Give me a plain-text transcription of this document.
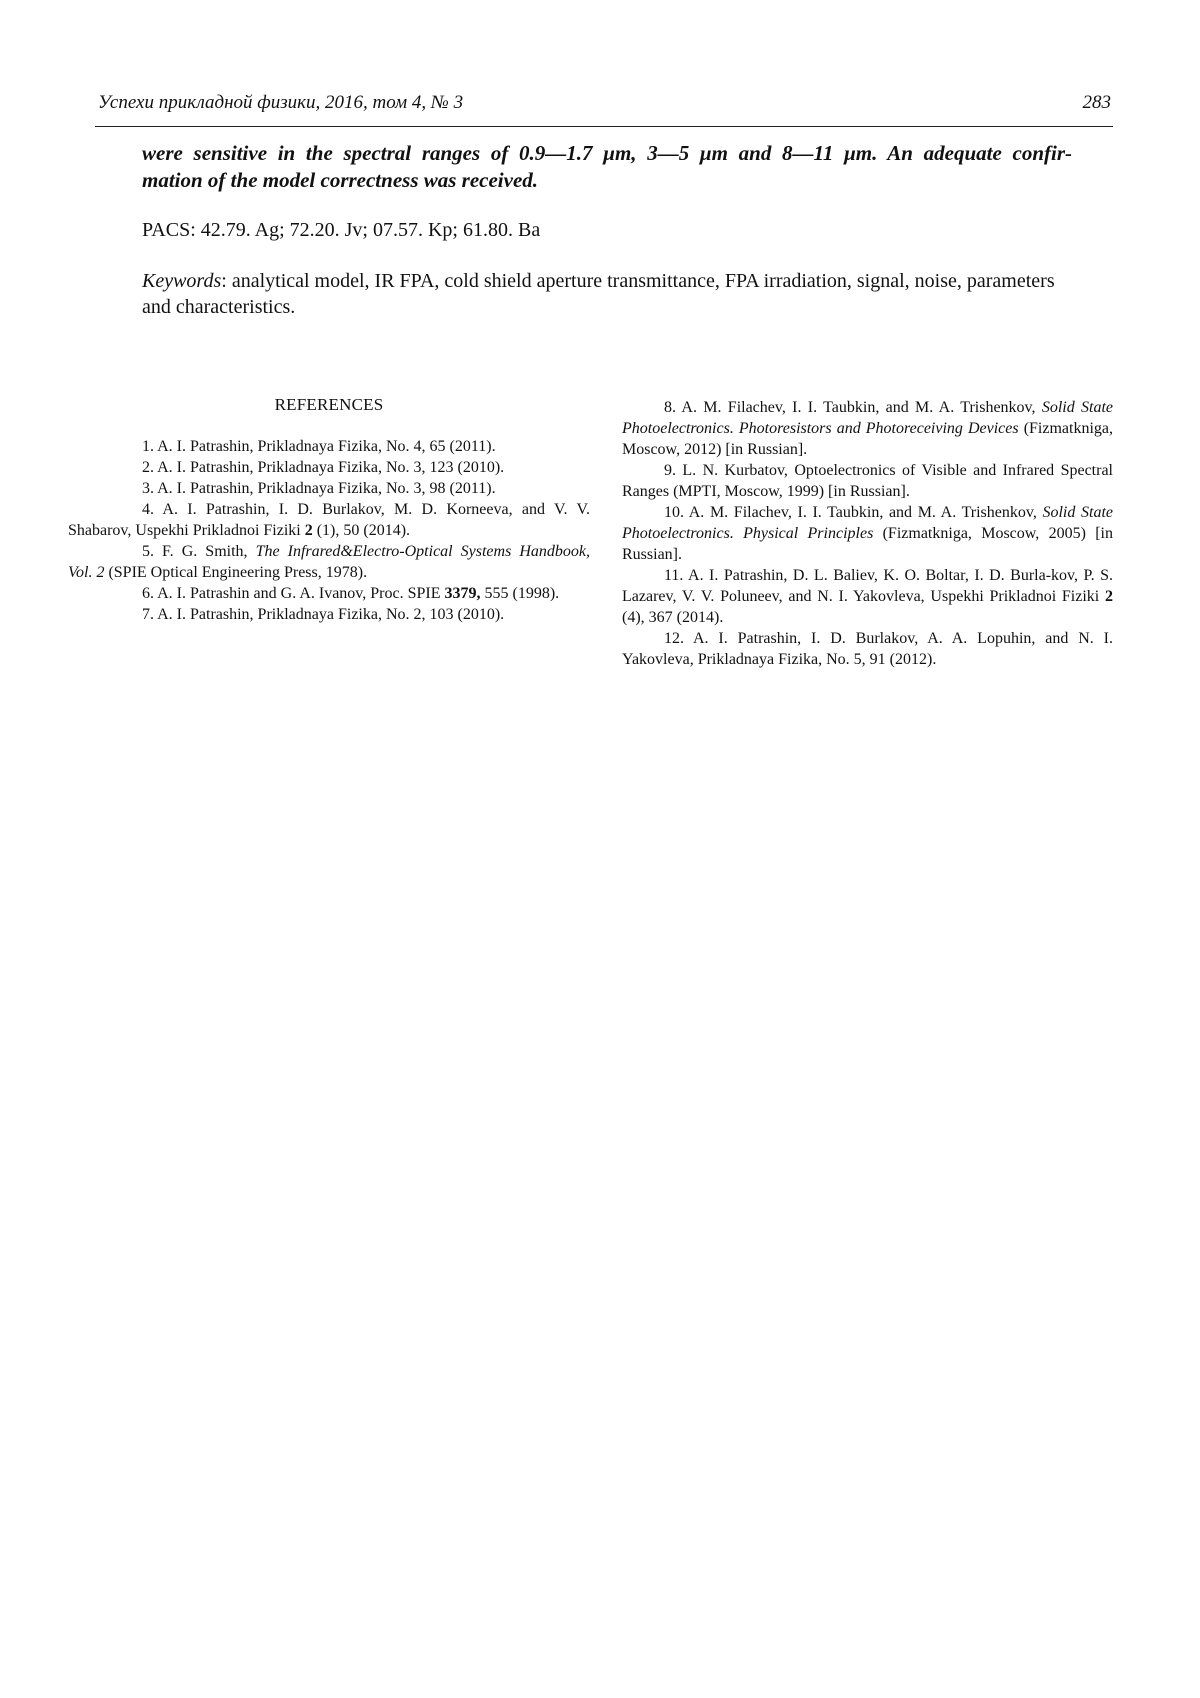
Успехи прикладной физики, 2016, том 4, № 3	283
were sensitive in the spectral ranges of 0.9—1.7 μm, 3—5 μm and 8—11 μm. An adequate confir-
mation of the model correctness was received.
PACS: 42.79. Ag; 72.20. Jv; 07.57. Kp; 61.80. Ba
Keywords: analytical model, IR FPA, cold shield aperture transmittance, FPA irradiation, signal, noise, parameters and characteristics.
REFERENCES

1. A. I. Patrashin, Prikladnaya Fizika, No. 4, 65 (2011).

2. A. I. Patrashin, Prikladnaya Fizika, No. 3, 123 (2010).

3. A. I. Patrashin, Prikladnaya Fizika, No. 3, 98 (2011).

4. A. I. Patrashin, I. D. Burlakov, M. D. Korneeva, and V. V. Shabarov, Uspekhi Prikladnoi Fiziki 2 (1), 50 (2014).

5. F. G. Smith, The Infrared&Electro-Optical Systems Handbook, Vol. 2 (SPIE Optical Engineering Press, 1978).

6. A. I. Patrashin and G. A. Ivanov, Proc. SPIE 3379, 555 (1998).

7. A. I. Patrashin, Prikladnaya Fizika, No. 2, 103 (2010).

8. A. M. Filachev, I. I. Taubkin, and M. A. Trishenkov, Solid State Photoelectronics. Photoresistors and Photoreceiving Devices (Fizmatkniga, Moscow, 2012) [in Russian].

9. L. N. Kurbatov, Optoelectronics of Visible and Infrared Spectral Ranges (MPTI, Moscow, 1999) [in Russian].

10. A. M. Filachev, I. I. Taubkin, and M. A. Trishenkov, Solid State Photoelectronics. Physical Principles (Fizmatkniga, Moscow, 2005) [in Russian].

11. A. I. Patrashin, D. L. Baliev, K. O. Boltar, I. D. Burla-kov, P. S. Lazarev, V. V. Poluneev, and N. I. Yakovleva, Uspekhi Prikladnoi Fiziki 2 (4), 367 (2014).

12. A. I. Patrashin, I. D. Burlakov, A. A. Lopuhin, and N. I. Yakovleva, Prikladnaya Fizika, No. 5, 91 (2012).
